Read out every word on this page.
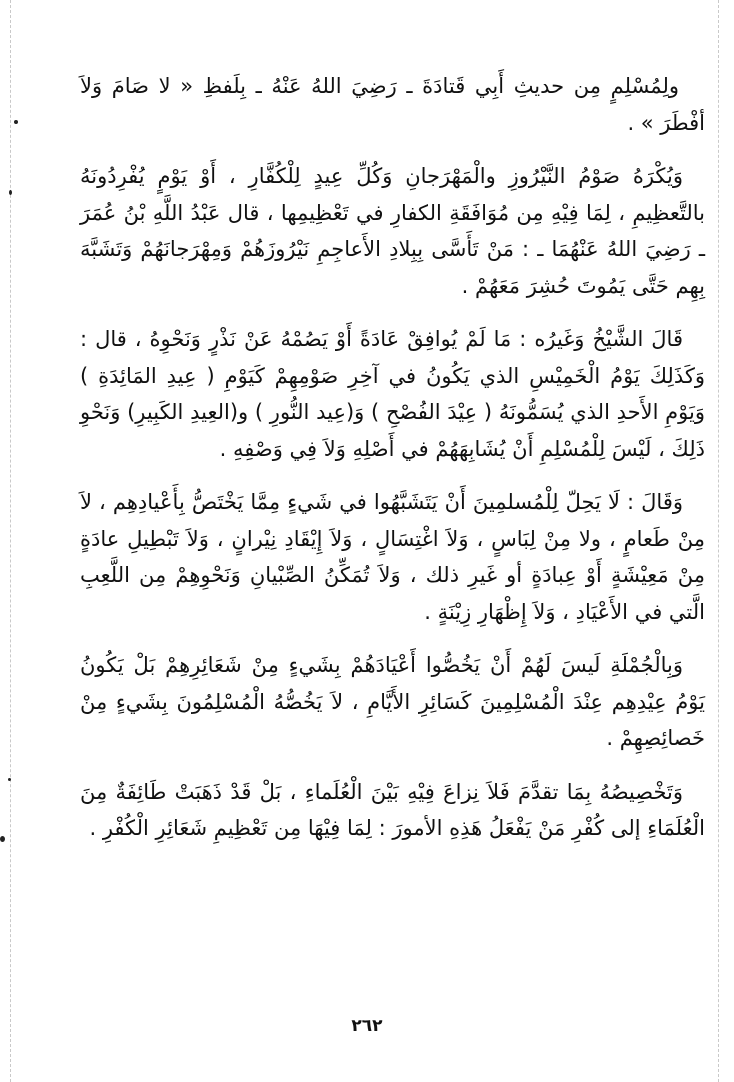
ولِمُسْلِمٍ مِن حديثِ أَبِي قَتادَةَ ـ رَضِيَ اللهُ عَنْهُ ـ بِلَفظِ « لا صَامَ وَلاَ أفْطَرَ » .

وَيُكْرَهُ صَوْمُ النَّيْرُوزِ والْمَهْرَجانِ وَكُلِّ عِيدٍ لِلْكُفَّارِ ، أَوْ يَوْمٍ يُفْرِدُونَهُ بالتَّعظِيمِ ، لِمَا فِيْهِ مِن مُوَافَقَةِ الكفارِ في تَعْظِيمِها ، قال عَبْدُ اللَّهِ بْنُ عُمَرَ ـ رَضِيَ اللهُ عَنْهُمَا ـ : مَنْ تَأَسَّى بِبِلادِ الأَعاجِمِ نَيْرُوزَهُمْ وَمِهْرَجانَهُمْ وَتَشَبَّهَ بِهِم حَتَّى يَمُوتَ حُشِرَ مَعَهُمْ .

قَالَ الشَّيْخُ وَغَيرُه : مَا لَمْ يُوافِقْ عَادَةً أَوْ يَصُمْهُ عَنْ نَذْرٍ وَنَحْوِهُ ، قال : وَكَذَلِكَ يَوْمُ الْخَمِيْسِ الذي يَكُونُ في آخِرِ صَوْمِهِمْ كَيَوْمِ ( عِيدِ المَائِدَةِ ) وَيَوْمِ الأَحدِ الذي يُسَمُّونَهُ ( عِيْدَ الفُصْحِ ) وَ(عِيد النُّورِ ) و(العِيدِ الكَبِيرِ) وَنَحْوِ ذَلِكَ ، لَيْسَ لِلْمُسْلِمِ أَنْ يُشَابِهَهُمْ في أَصْلِهِ وَلاَ فِي وَصْفِهِ .

وَقَالَ : لَا يَحِلّ لِلْمُسلمِينَ أَنْ يَتَشَبَّهُوا في شَيءٍ مِمَّا يَخْتَصُّ بِأَعْيادِهِم ، لاَ مِنْ طَعامٍ ، ولا مِنْ لِبَاسٍ ، وَلاَ اغْتِسَالٍ ، وَلاَ إِيْقَادِ نِيْرانٍ ، وَلاَ تَبْطِيلِ عادَةٍ مِنْ مَعِيْشَةٍ أَوْ عِبادَةٍ أو غَيرِ ذلك ، وَلاَ تُمَكِّنُ الصِّبْيانِ وَنَحْوِهِمْ مِن اللَّعِبِ الَّتي في الأَعْيَادِ ، وَلاَ إِظْهَارِ زِيْنَةٍ .

وَبِالْجُمْلَةِ لَيسَ لَهُمْ أَنْ يَخُصُّوا أَعْيَادَهُمْ بِشَيءٍ مِنْ شَعَائِرِهِمْ بَلْ يَكُونُ يَوْمُ عِيْدِهِم عِنْدَ الْمُسْلِمِينَ كَسَائِرِ الأَيَّامِ ، لاَ يَخُصُّهُ الْمُسْلِمُونَ بِشَيءٍ مِنْ خَصائِصِهِمْ .

وَتَخْصِيصُهُ بِمَا تقدَّمَ فَلاَ نِزاعَ فِيْهِ بَيْنَ الْعُلَماءِ ، بَلْ قَدْ ذَهَبَتْ طَائِفَةٌ مِنَ الْعُلَمَاءِ إلى كُفْرِ مَنْ يَفْعَلُ هَذِهِ الأمورَ : لِمَا فِيْهَا مِن تَعْظِيمِ شَعَائِرِ الْكُفْرِ .

٢٦٢
